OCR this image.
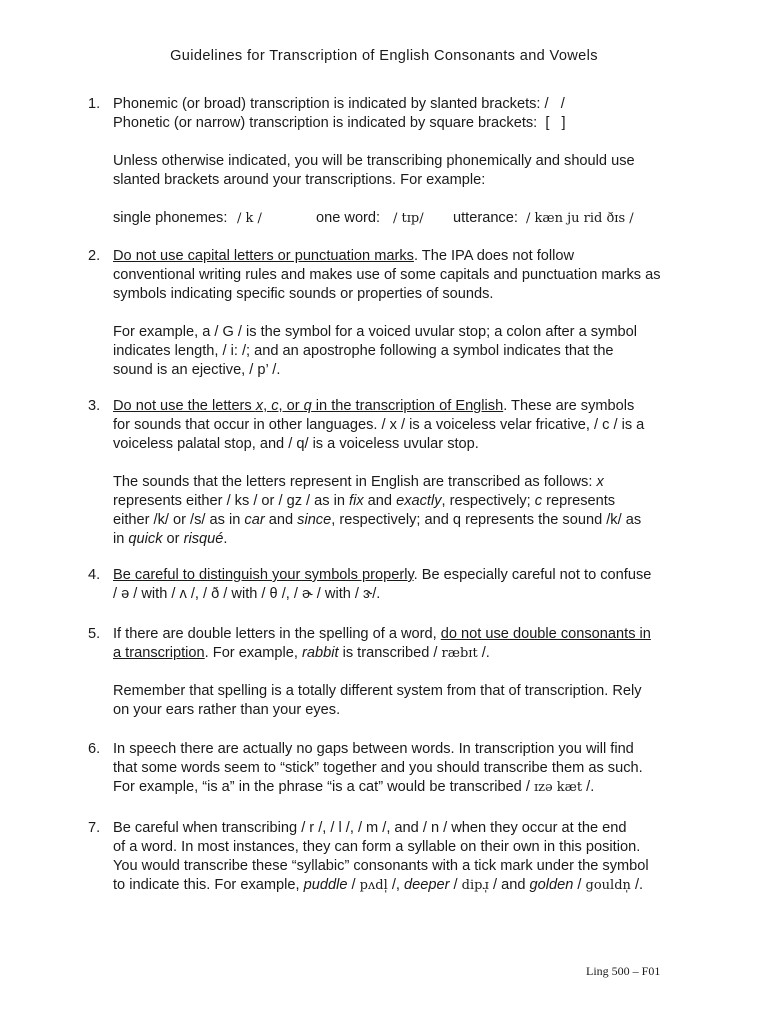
Guidelines for Transcription of English Consonants and Vowels
1. Phonemic (or broad) transcription is indicated by slanted brackets: /   /

Phonetic (or narrow) transcription is indicated by square brackets:  [   ]

Unless otherwise indicated, you will be transcribing phonemically and should use

slanted brackets around your transcriptions. For example:

single phonemes: / k /	one word: / tɪp/ utterance: / kæn ju rid ðɪs /
2. Do not use capital letters or punctuation marks. The IPA does not follow

conventional writing rules and makes use of some capitals and punctuation marks as

symbols indicating specific sounds or properties of sounds.

For example, a / G / is the symbol for a voiced uvular stop; a colon after a symbol

indicates length, / i: /; and an apostrophe following a symbol indicates that the

sound is an ejective, / p’ /.

3. Do not use the letters x, c, or q in the transcription of English. These are symbols

for sounds that occur in other languages. / x / is a voiceless velar fricative, / c / is a

voiceless palatal stop, and / q/ is a voiceless uvular stop.

The sounds that the letters represent in English are transcribed as follows: x

represents either / ks / or / gz / as in fix and exactly, respectively; c represents

either /k/ or /s/ as in car and since, respectively; and q represents the sound /k/ as

in quick or risqué.

4. Be careful to distinguish your symbols properly. Be especially careful not to confuse

/ ə / with / ʌ /, / ð / with / θ /, / ɚ / with / ɝ/.

5. If there are double letters in the spelling of a word, do not use double consonants in

a transcription. For example, rabbit is transcribed / ræbɪt /.

Remember that spelling is a totally different system from that of transcription. Rely

on your ears rather than your eyes.

6. In speech there are actually no gaps between words. In transcription you will find

that some words seem to “stick” together and you should transcribe them as such.

For example, “is a” in the phrase “is a cat” would be transcribed / ɪzə kæt /.

7. Be careful when transcribing / r /, / l /, / m /, and / n / when they occur at the end

of a word. In most instances, they can form a syllable on their own in this position.

You would transcribe these “syllabic” consonants with a tick mark under the symbol

to indicate this. For example, puddle / pʌdl̩ /, deeper / dipɹ̩ / and golden / gouldn̩ /.

Ling 500 – F01
